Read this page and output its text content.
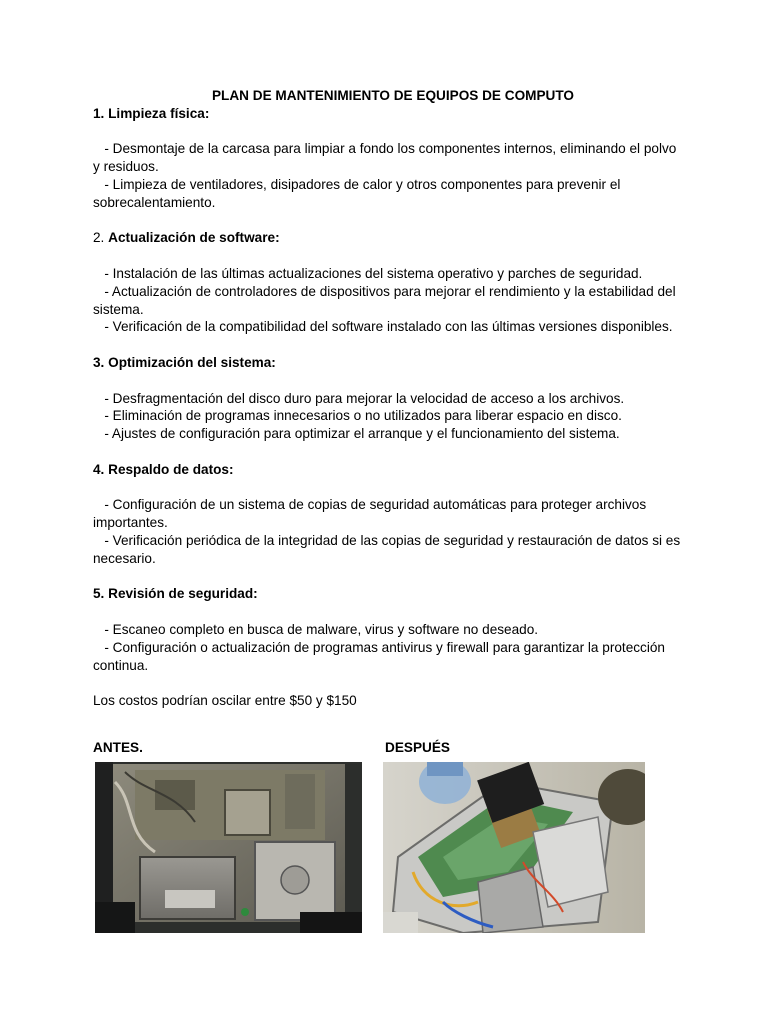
PLAN DE MANTENIMIENTO DE EQUIPOS DE COMPUTO

1. Limpieza física:

- Desmontaje de la carcasa para limpiar a fondo los componentes internos, eliminando el polvo y residuos.

- Limpieza de ventiladores, disipadores de calor y otros componentes para prevenir el sobrecalentamiento.

2. Actualización de software:

- Instalación de las últimas actualizaciones del sistema operativo y parches de seguridad.

- Actualización de controladores de dispositivos para mejorar el rendimiento y la estabilidad del sistema.

- Verificación de la compatibilidad del software instalado con las últimas versiones disponibles.

3. Optimización del sistema:

- Desfragmentación del disco duro para mejorar la velocidad de acceso a los archivos.

- Eliminación de programas innecesarios o no utilizados para liberar espacio en disco.

- Ajustes de configuración para optimizar el arranque y el funcionamiento del sistema.

4. Respaldo de datos:

- Configuración de un sistema de copias de seguridad automáticas para proteger archivos importantes.

- Verificación periódica de la integridad de las copias de seguridad y restauración de datos si es necesario.

5. Revisión de seguridad:

- Escaneo completo en busca de malware, virus y software no deseado.

- Configuración o actualización de programas antivirus y firewall para garantizar la protección continua.

Los costos podrían oscilar entre $50 y $150

ANTES.	DESPUÉS
